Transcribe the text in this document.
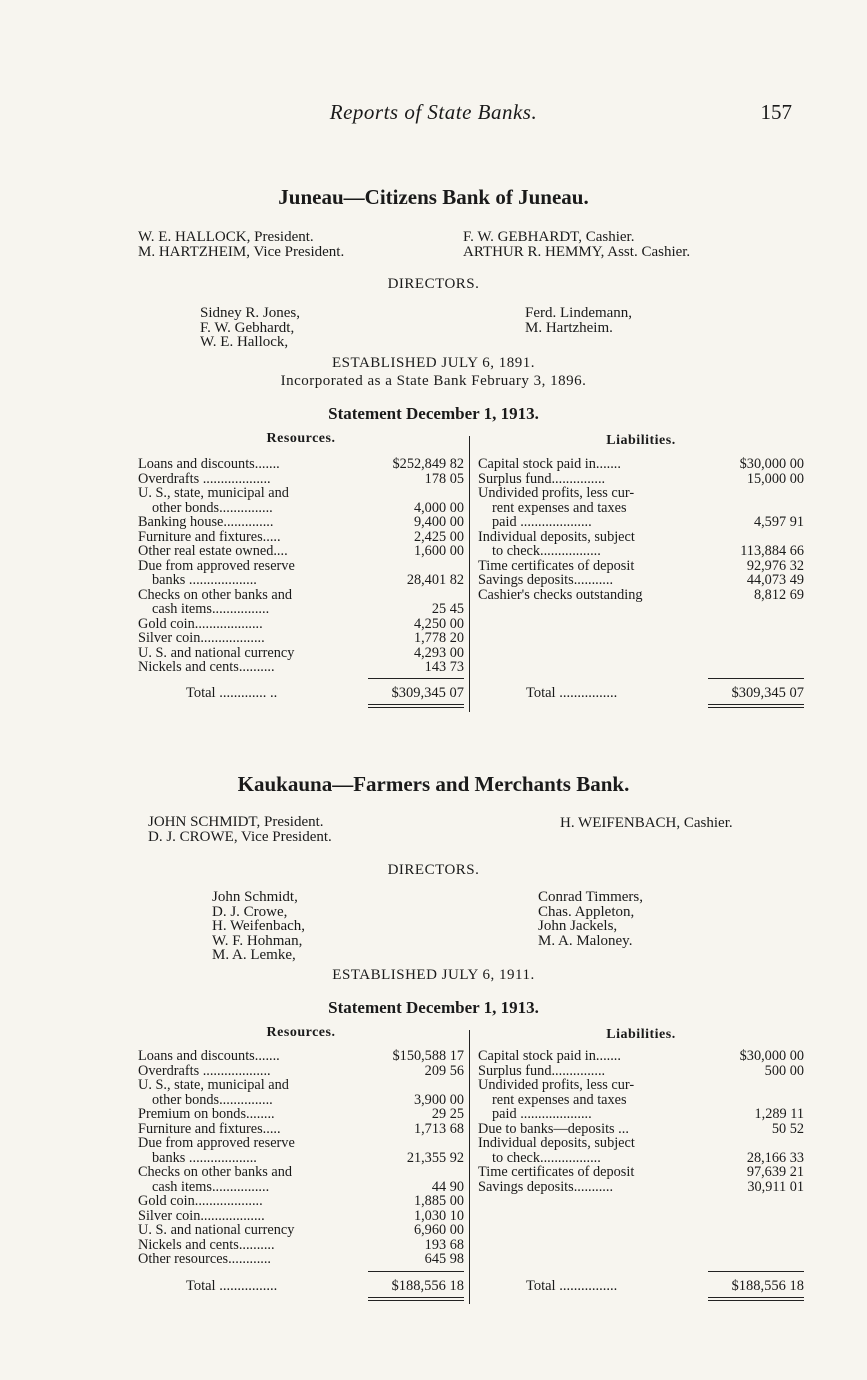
Reports of State Banks.	157
Juneau—Citizens Bank of Juneau.
W. E. HALLOCK, President.
M. HARTZHEIM, Vice President.
F. W. GEBHARDT, Cashier.
ARTHUR R. HEMMY, Asst. Cashier.
DIRECTORS.
Sidney R. Jones,
F. W. Gebhardt,
W. E. Hallock,
Ferd. Lindemann,
M. Hartzheim.
ESTABLISHED JULY 6, 1891.
Incorporated as a State Bank February 3, 1896.
Statement December 1, 1913.
Resources.	Liabilities.
Loans and discounts.......	$252,849 82
Overdrafts ...................	178 05
U. S., state, municipal and
other bonds...............	4,000 00
Banking house..............	9,400 00
Furniture and fixtures.....	2,425 00
Other real estate owned....	1,600 00
Due from approved reserve
banks ...................	28,401 82
Checks on other banks and
cash items................	25 45
Gold coin...................	4,250 00
Silver coin..................	1,778 20
U. S. and national currency	4,293 00
Nickels and cents..........	143 73
Capital stock paid in.......	$30,000 00
Surplus fund...............	15,000 00
Undivided profits, less cur-
rent expenses and taxes
paid ....................	4,597 91
Individual deposits, subject
to check.................	113,884 66
Time certificates of deposit	92,976 32
Savings deposits...........	44,073 49
Cashier's checks outstanding	8,812 69
Total ............. ..	$309,345 07	Total ................	$309,345 07
Kaukauna—Farmers and Merchants Bank.
JOHN SCHMIDT, President.
D. J. CROWE, Vice President.
H. WEIFENBACH, Cashier.
DIRECTORS.
John Schmidt,
D. J. Crowe,
H. Weifenbach,
W. F. Hohman,
M. A. Lemke,
Conrad Timmers,
Chas. Appleton,
John Jackels,
M. A. Maloney.
ESTABLISHED JULY 6, 1911.
Statement December 1, 1913.
Resources.	Liabilities.
Loans and discounts.......	$150,588 17
Overdrafts ...................	209 56
U. S., state, municipal and
other bonds...............	3,900 00
Premium on bonds........	29 25
Furniture and fixtures.....	1,713 68
Due from approved reserve
banks ...................	21,355 92
Checks on other banks and
cash items................	44 90
Gold coin...................	1,885 00
Silver coin..................	1,030 10
U. S. and national currency	6,960 00
Nickels and cents..........	193 68
Other resources............	645 98
Capital stock paid in.......	$30,000 00
Surplus fund...............	500 00
Undivided profits, less cur-
rent expenses and taxes
paid ....................	1,289 11
Due to banks—deposits ...	50 52
Individual deposits, subject
to check.................	28,166 33
Time certificates of deposit	97,639 21
Savings deposits...........	30,911 01
Total ................	$188,556 18	Total ................	$188,556 18
